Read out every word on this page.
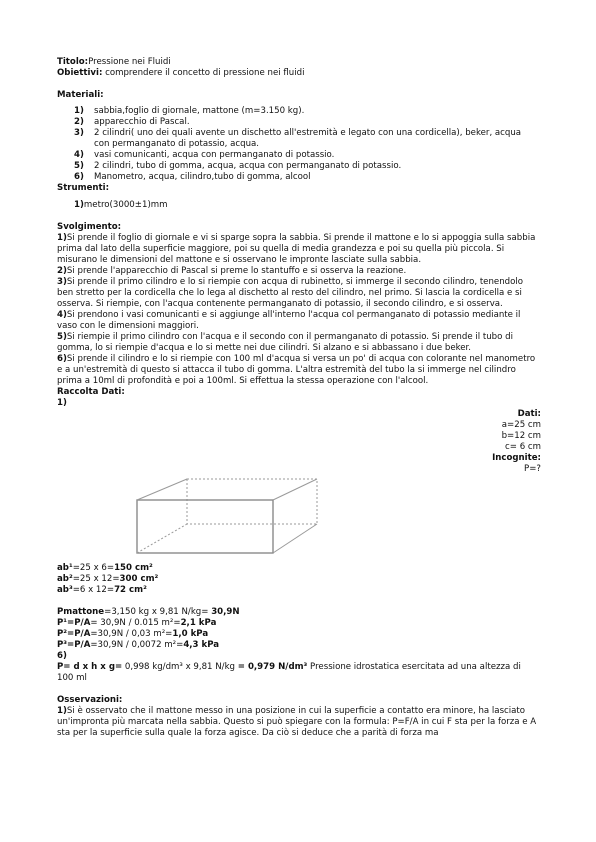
Titolo:Pressione nei Fluidi
Obiettivi: comprendere il concetto di pressione nei fluidi
Materiali:
1)	sabbia,foglio di giornale, mattone (m=3.150 kg).
2)	apparecchio di Pascal.
3)	2 cilindri( uno dei quali avente un dischetto all'estremità e legato con una cordicella), beker, acqua con permanganato di potassio, acqua.
4)	vasi comunicanti, acqua con permanganato di potassio.
5)	2 cilindri, tubo di gomma, acqua, acqua con permanganato di potassio.
6)	Manometro, acqua, cilindro,tubo di gomma, alcool
Strumenti:
1)metro(3000±1)mm
Svolgimento:
1)Si prende il foglio di giornale e vi si sparge sopra la sabbia. Si prende il mattone e lo si appoggia sulla sabbia prima dal lato della superficie maggiore, poi su quella di media grandezza e poi su quella più piccola. Si misurano le dimensioni del mattone e si osservano le impronte lasciate sulla sabbia.
2)Si prende l'apparecchio di Pascal si preme lo stantuffo e si osserva la reazione.
3)Si prende il primo cilindro e lo si riempie con acqua di rubinetto, si immerge il secondo cilindro, tenendolo ben stretto per la cordicella che lo lega al dischetto al resto del cilindro, nel primo. Si lascia la cordicella e si osserva. Si riempie, con l'acqua contenente permanganato di potassio, il secondo cilindro, e si osserva.
4)Si prendono i vasi comunicanti e si aggiunge all'interno l'acqua col permanganato di potassio mediante il vaso con le dimensioni maggiori.
5)Si riempie il primo cilindro con l'acqua e il secondo con il permanganato di potassio. Si prende il tubo di gomma, lo si riempie d'acqua e lo si mette nei due cilindri. Si alzano e si abbassano i due beker.
6)Si prende il cilindro e lo si riempie con 100 ml d'acqua si versa un po' di acqua con colorante nel manometro e a un'estremità di questo si attacca il tubo di gomma. L'altra estremità del tubo la si immerge nel cilindro prima a 10ml di profondità e poi a 100ml. Si effettua la stessa operazione con l'alcool.
Raccolta Dati:
1)
Dati:
a=25 cm
b=12 cm
c= 6 cm
Incognite:
P=?
ab¹=25 x 6=150 cm²
ab²=25 x 12=300 cm²
ab³=6 x 12=72 cm²
Pmattone=3,150 kg x 9,81 N/kg= 30,9N
P¹=P/A= 30,9N / 0.015 m²=2,1 kPa
P²=P/A=30,9N / 0,03 m²=1,0 kPa
P³=P/A=30,9N / 0,0072 m²=4,3 kPa
6)
P= d x h x g= 0,998 kg/dm³ x 9,81 N/kg = 0,979 N/dm³ Pressione idrostatica esercitata ad una altezza di 100 ml
Osservazioni:
1)Si è osservato che il mattone messo in una posizione in cui la superficie a contatto era minore, ha lasciato un'impronta più marcata nella sabbia. Questo si può spiegare con la formula: P=F/A in cui F sta per la forza e A sta per la superficie sulla quale la forza agisce. Da ciò si deduce che a parità di forza ma
